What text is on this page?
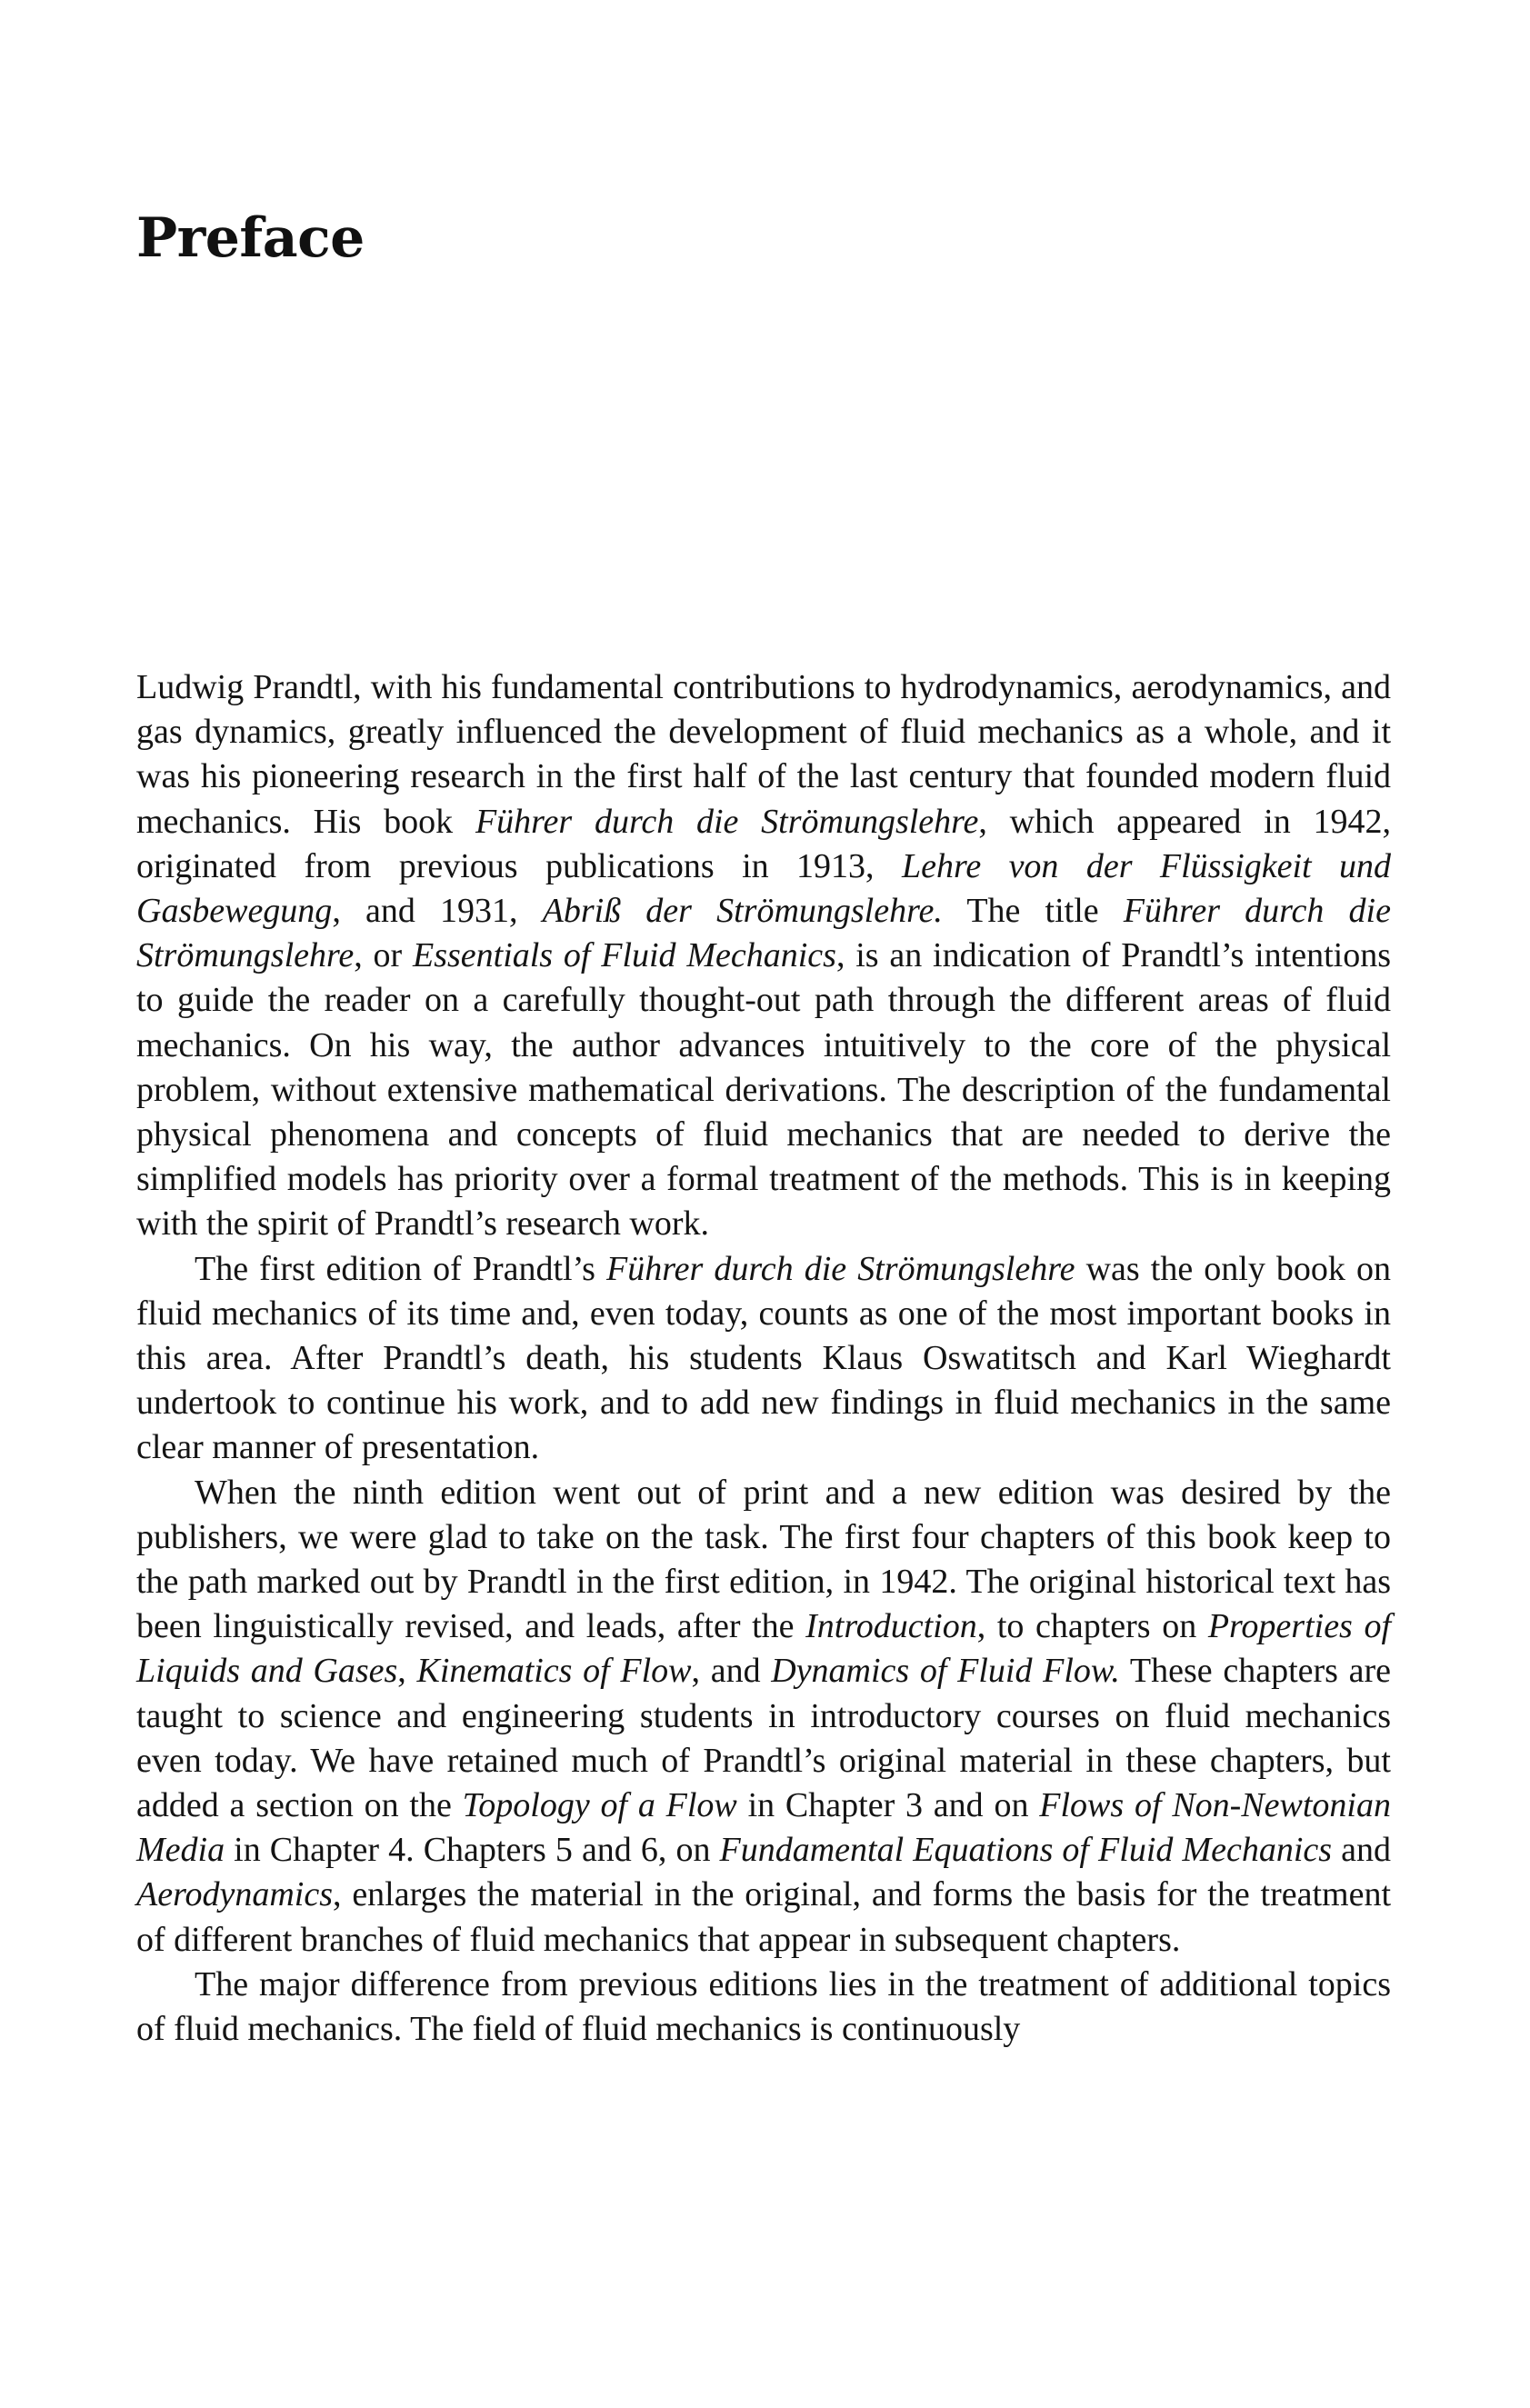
Preface

Ludwig Prandtl, with his fundamental contributions to hydrodynamics, aerodynamics, and gas dynamics, greatly influenced the development of fluid mechanics as a whole, and it was his pioneering research in the first half of the last century that founded modern fluid mechanics. His book Führer durch die Strömungslehre, which appeared in 1942, originated from previous publications in 1913, Lehre von der Flüssigkeit und Gasbewegung, and 1931, Abriß der Strömungslehre. The title Führer durch die Strömungslehre, or Essentials of Fluid Mechanics, is an indication of Prandtl’s intentions to guide the reader on a carefully thought-out path through the different areas of fluid mechanics. On his way, the author advances intuitively to the core of the physical problem, without extensive mathematical derivations. The description of the fundamental physical phenomena and concepts of fluid mechanics that are needed to derive the simplified models has priority over a formal treatment of the methods. This is in keeping with the spirit of Prandtl’s research work.

The first edition of Prandtl’s Führer durch die Strömungslehre was the only book on fluid mechanics of its time and, even today, counts as one of the most important books in this area. After Prandtl’s death, his students Klaus Oswatitsch and Karl Wieghardt undertook to continue his work, and to add new findings in fluid mechanics in the same clear manner of presentation.

When the ninth edition went out of print and a new edition was desired by the publishers, we were glad to take on the task. The first four chapters of this book keep to the path marked out by Prandtl in the first edition, in 1942. The original historical text has been linguistically revised, and leads, after the Introduction, to chapters on Properties of Liquids and Gases, Kinematics of Flow, and Dynamics of Fluid Flow. These chapters are taught to science and engineering students in introductory courses on fluid mechanics even today. We have retained much of Prandtl’s original material in these chapters, but added a section on the Topology of a Flow in Chapter 3 and on Flows of Non-Newtonian Media in Chapter 4. Chapters 5 and 6, on Fundamental Equations of Fluid Mechanics and Aerodynamics, enlarges the material in the original, and forms the basis for the treatment of different branches of fluid mechanics that appear in subsequent chapters.

The major difference from previous editions lies in the treatment of additional topics of fluid mechanics. The field of fluid mechanics is continuously
